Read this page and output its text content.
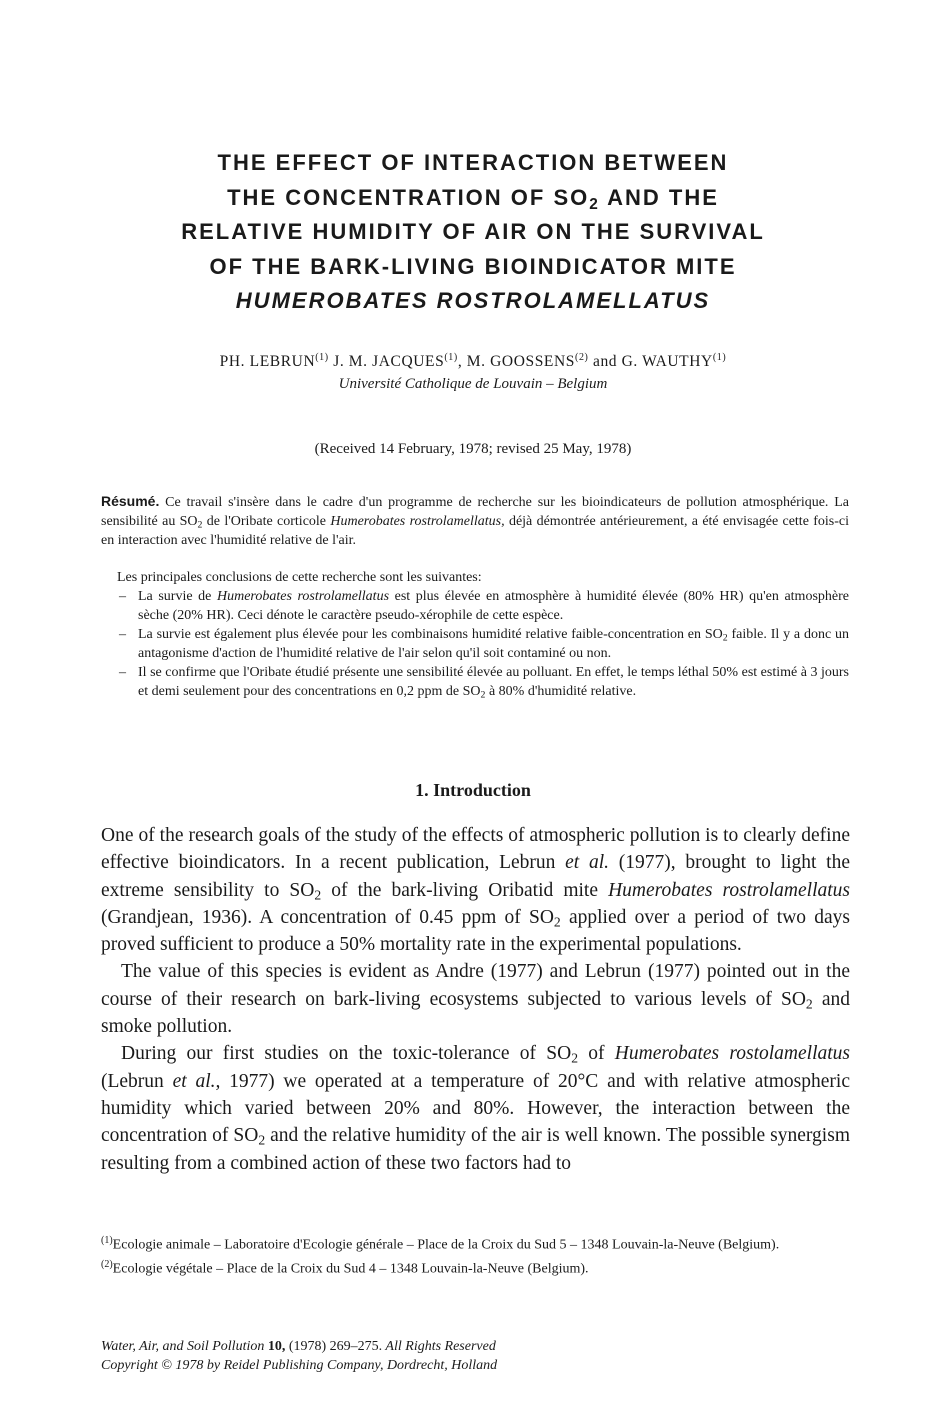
THE EFFECT OF INTERACTION BETWEEN
THE CONCENTRATION OF $SO_2$ AND THE
RELATIVE HUMIDITY OF AIR ON THE SURVIVAL
OF THE BARK-LIVING BIOINDICATOR MITE
HUMEROBATES ROSTROLAMELLATUS
PH. LEBRUN$^{(1)}$ J. M. JACQUES$^{(1)}$, M. GOOSSENS$^{(2)}$ and G. WAUTHY$^{(1)}$
Université Catholique de Louvain – Belgium
(Received 14 February, 1978; revised 25 May, 1978)
Résumé. Ce travail s'insère dans le cadre d'un programme de recherche sur les bioindicateurs de pollution atmosphérique. La sensibilité au $SO_2$ de l'Oribate corticole Humerobates rostrolamellatus, déjà démontrée antérieurement, a été envisagée cette fois-ci en interaction avec l'humidité relative de l'air.
Les principales conclusions de cette recherche sont les suivantes:
– La survie de Humerobates rostrolamellatus est plus élevée en atmosphère à humidité élevée (80% HR) qu'en atmosphère sèche (20% HR). Ceci dénote le caractère pseudo-xérophile de cette espèce.
– La survie est également plus élevée pour les combinaisons humidité relative faible-concentration en $SO_2$ faible. Il y a donc un antagonisme d'action de l'humidité relative de l'air selon qu'il soit contaminé ou non.
– Il se confirme que l'Oribate étudié présente une sensibilité élevée au polluant. En effet, le temps léthal 50% est estimé à 3 jours et demi seulement pour des concentrations en 0,2 ppm de $SO_2$ à 80% d'humidité relative.
1. Introduction

One of the research goals of the study of the effects of atmospheric pollution is to clearly define effective bioindicators. In a recent publication, Lebrun et al. (1977), brought to light the extreme sensibility to $SO_2$ of the bark-living Oribatid mite Humerobates rostrolamellatus (Grandjean, 1936). A concentration of 0.45 ppm of $SO_2$ applied over a period of two days proved sufficient to produce a 50% mortality rate in the experimental populations.

The value of this species is evident as Andre (1977) and Lebrun (1977) pointed out in the course of their research on bark-living ecosystems subjected to various levels of $SO_2$ and smoke pollution.

During our first studies on the toxic-tolerance of $SO_2$ of Humerobates rostolamellatus (Lebrun et al., 1977) we operated at a temperature of 20°C and with relative atmospheric humidity which varied between 20% and 80%. However, the interaction between the concentration of $SO_2$ and the relative humidity of the air is well known. The possible synergism resulting from a combined action of these two factors had to

$^{(1)}$Ecologie animale – Laboratoire d'Ecologie générale – Place de la Croix du Sud 5 – 1348 Louvain-la-Neuve (Belgium).
$^{(2)}$Ecologie végétale – Place de la Croix du Sud 4 – 1348 Louvain-la-Neuve (Belgium).
Water, Air, and Soil Pollution 10, (1978) 269–275. All Rights Reserved
Copyright © 1978 by Reidel Publishing Company, Dordrecht, Holland
